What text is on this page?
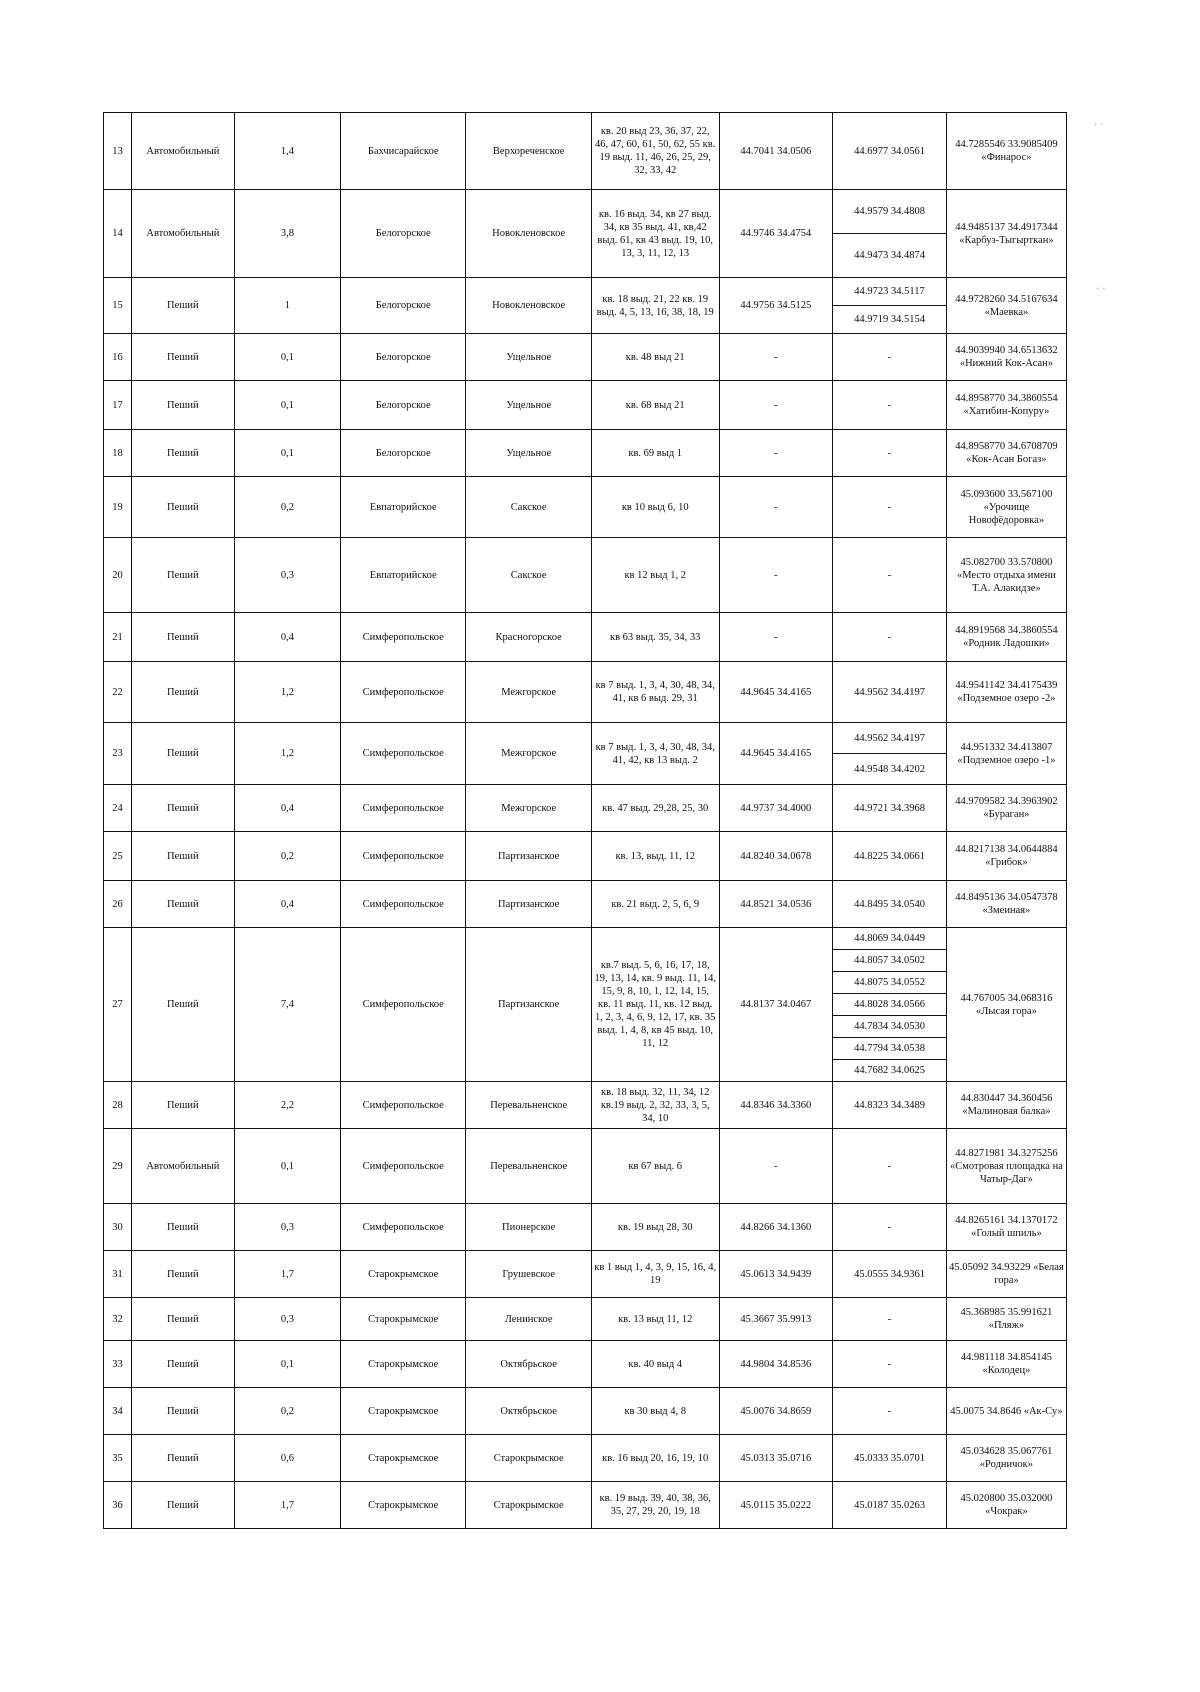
13	Автомобильный	1,4	Бахчисарайское	Верхореченское	кв. 20 выд 23, 36, 37, 22, 46, 47, 60, 61, 50, 62, 55 кв. 19 выд. 11, 46, 26, 25, 29, 32, 33, 42	44.7041 34.0506	44.6977 34.0561	44.7285546 33.9085409 «Финарос»
14	Автомобильный	3,8	Белогорское	Новокленовское	кв. 16 выд. 34, кв 27 выд. 34, кв 35 выд. 41, кв,42 выд. 61, кв 43 выд. 19, 10, 13, 3, 11, 12, 13	44.9746 34.4754	44.9579 34.4808	44.9485137 34.4917344 «Карбуз-Тыгырткан»
							44.9473 34.4874	
15	Пеший	1	Белогорское	Новокленовское	кв. 18 выд. 21, 22 кв. 19 выд. 4, 5, 13, 16, 38, 18, 19	44.9756 34.5125	44.9723 34.5117	44.9728260 34.5167634 «Маевка»
							44.9719 34.5154	
16	Пеший	0,1	Белогорское	Ущельное	кв. 48 выд 21	-	-	44.9039940 34.6513632 «Нижний Кок-Асан»
17	Пеший	0,1	Белогорское	Ущельное	кв. 68 выд 21	-	-	44.8958770 34.3860554 «Хатибин-Копуру»
18	Пеший	0,1	Белогорское	Ущельное	кв. 69 выд 1	-	-	44.8958770 34.6708709 «Кок-Асан Богаз»
19	Пеший	0,2	Евпаторийское	Сакское	кв 10 выд 6, 10	-	-	45.093600 33.567100 «Урочище Новофёдоровка»
20	Пеший	0,3	Евпаторийское	Сакское	кв 12 выд 1, 2	-	-	45.082700 33.570800 «Место отдыха имени Т.А. Алакидзе»
21	Пеший	0,4	Симферопольское	Красногорское	кв 63 выд. 35, 34, 33	-	-	44.8919568 34.3860554 «Родник Ладошки»
22	Пеший	1,2	Симферопольское	Межгорское	кв 7 выд. 1, 3, 4, 30, 48, 34, 41, кв 6 выд. 29, 31	44.9645 34.4165	44.9562 34.4197	44.9541142 34.4175439 «Подземное озеро -2»
23	Пеший	1,2	Симферопольское	Межгорское	кв 7 выд. 1, 3, 4, 30, 48, 34, 41, 42, кв 13 выд. 2	44.9645 34.4165	44.9562 34.4197	44.951332 34.413807 «Подземное озеро -1»
							44.9548 34.4202	
24	Пеший	0,4	Симферопольское	Межгорское	кв. 47 выд. 29,28, 25, 30	44.9737 34.4000	44.9721 34.3968	44.9709582 34.3963902 «Бураган»
25	Пеший	0,2	Симферопольское	Партизанское	кв. 13, выд. 11, 12	44.8240 34.0678	44.8225 34.0661	44.8217138 34.0644884 «Грибок»
26	Пеший	0,4	Симферопольское	Партизанское	кв. 21 выд. 2, 5, 6, 9	44.8521 34.0536	44.8495 34.0540	44.8495136 34.0547378 «Змеиная»
27	Пеший	7,4	Симферопольское	Партизанское	кв.7 выд. 5, 6, 16, 17, 18, 19, 13, 14, кв. 9 выд. 11, 14, 15, 9, 8, 10, 1, 12, 14, 15, кв. 11 выд. 11, кв. 12 выд. 1, 2, 3, 4, 6, 9, 12, 17, кв. 35 выд. 1, 4, 8, кв 45 выд. 10, 11, 12	44.8137 34.0467	44.8069 34.0449	44.767005 34.068316 «Лысая гора»
							44.8057 34.0502	
							44.8075 34.0552	
							44.8028 34.0566	
							44.7834 34.0530	
							44.7794 34.0538	
							44.7682 34.0625	
28	Пеший	2,2	Симферопольское	Перевальненское	кв. 18 выд. 32, 11, 34, 12 кв.19 выд. 2, 32, 33, 3, 5, 34, 10	44.8346 34.3360	44.8323 34.3489	44.830447 34.360456 «Малиновая балка»
29	Автомобильный	0,1	Симферопольское	Перевальненское	кв 67 выд. 6	-	-	44.8271981 34.3275256 «Смотровая площадка на Чатыр-Даг»
30	Пеший	0,3	Симферопольское	Пионерское	кв. 19 выд 28, 30	44.8266 34.1360	-	44.8265161 34.1370172 «Голый шпиль»
31	Пеший	1,7	Старокрымское	Грушевское	кв 1 выд 1, 4, 3, 9, 15, 16, 4, 19	45.0613 34.9439	45.0555 34.9361	45.05092 34.93229 «Белая гора»
32	Пеший	0,3	Старокрымское	Ленинское	кв. 13 выд 11, 12	45.3667 35.9913	-	45.368985 35.991621 «Пляж»
33	Пеший	0,1	Старокрымское	Октябрьское	кв. 40 выд 4	44.9804 34.8536	-	44.981118 34.854145 «Колодец»
34	Пеший	0,2	Старокрымское	Октябрьское	кв 30 выд 4, 8	45.0076 34.8659	-	45.0075 34.8646 «Ак-Су»
35	Пеший	0,6	Старокрымское	Старокрымское	кв. 16 выд 20, 16, 19, 10	45.0313 35.0716	45.0333 35.0701	45.034628 35.067761 «Родничок»
36	Пеший	1,7	Старокрымское	Старокрымское	кв. 19 выд. 39, 40, 38, 36, 35, 27, 29, 20, 19, 18	45.0115 35.0222	45.0187 35.0263	45.020800 35.032000 «Чокрак»
· ·
· ·
